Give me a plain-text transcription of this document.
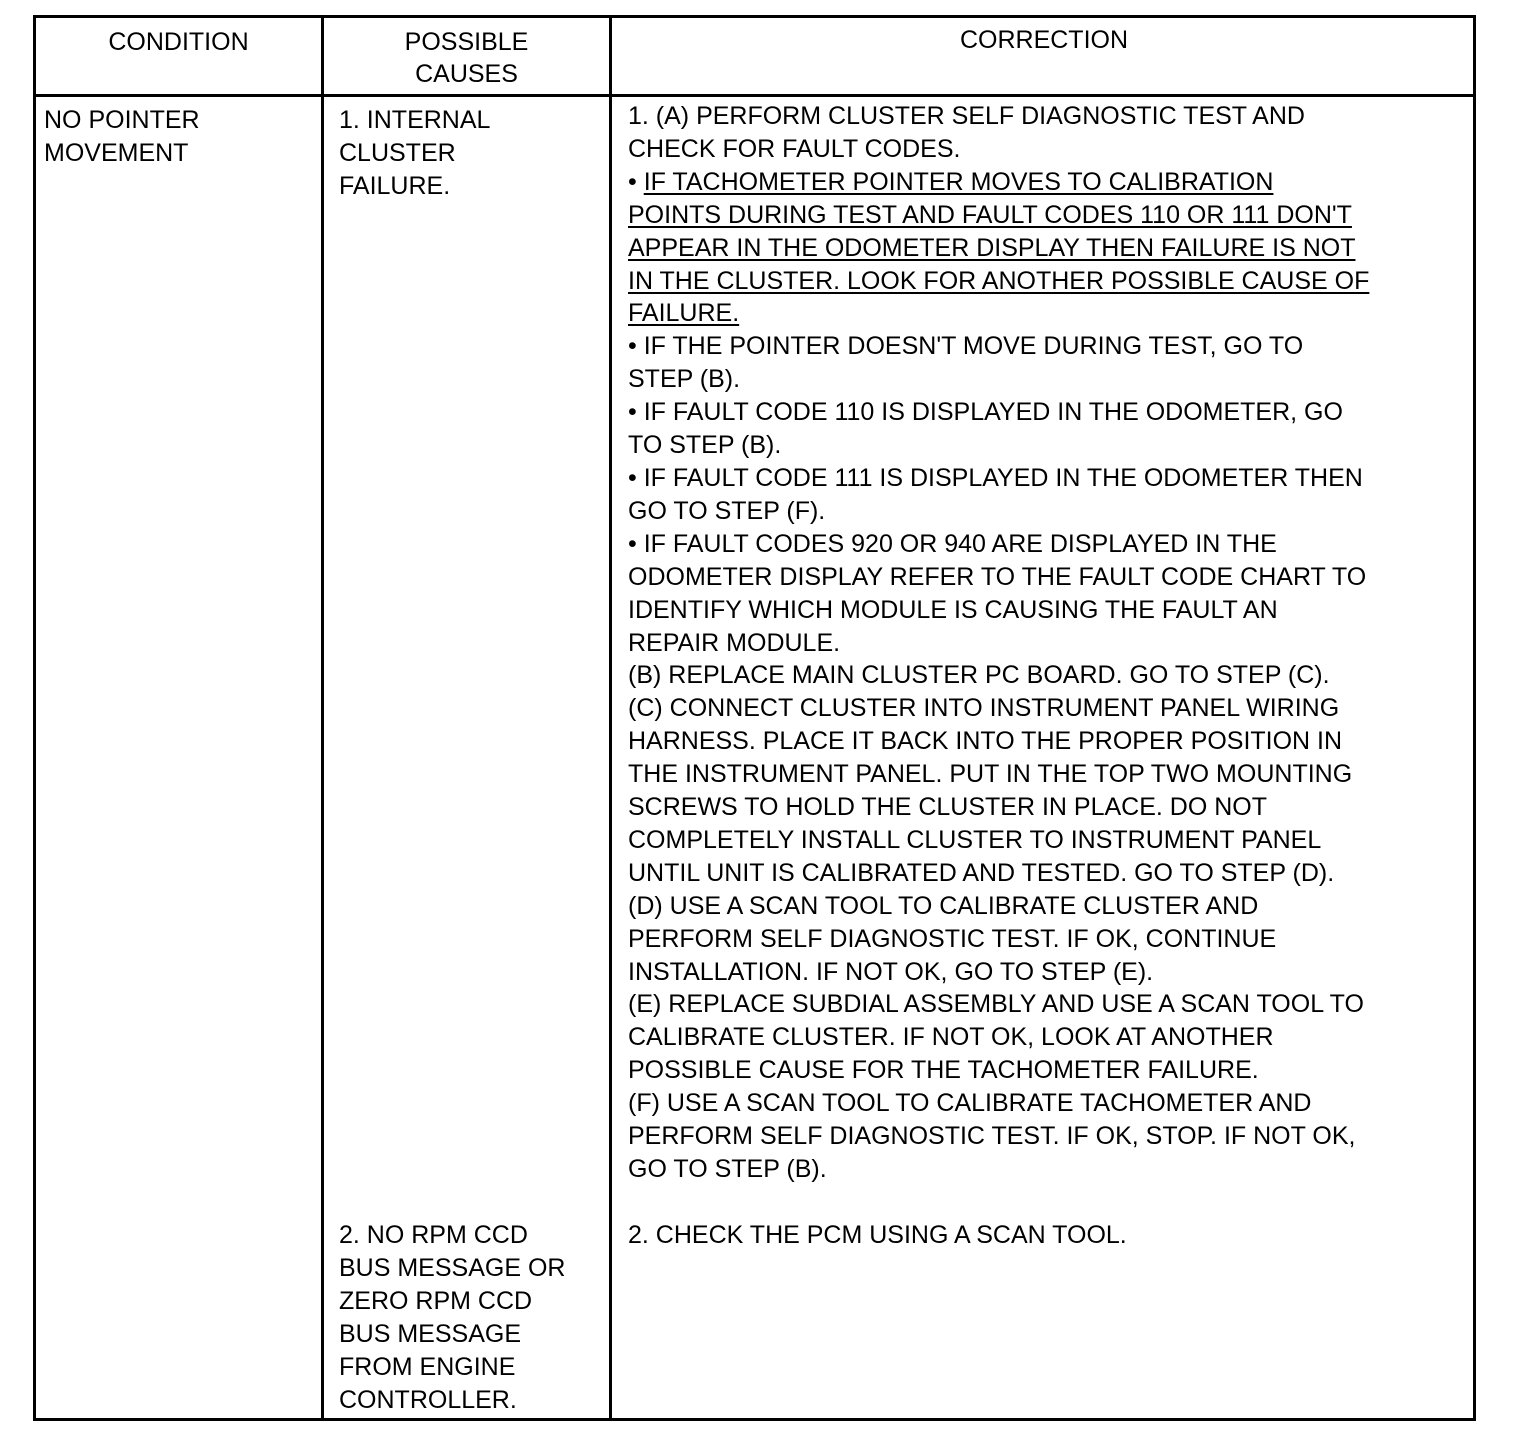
CONDITION	POSSIBLE
CAUSES
CORRECTION
NO POINTER
MOVEMENT
1. INTERNAL
CLUSTER
FAILURE.
2. NO RPM CCD
BUS MESSAGE OR
ZERO RPM CCD
BUS MESSAGE
FROM ENGINE
CONTROLLER.
1. (A) PERFORM CLUSTER SELF DIAGNOSTIC TEST AND
CHECK FOR FAULT CODES.
• IF TACHOMETER POINTER MOVES TO CALIBRATION
POINTS DURING TEST AND FAULT CODES 110 OR 111 DON'T
APPEAR IN THE ODOMETER DISPLAY THEN FAILURE IS NOT
IN THE CLUSTER. LOOK FOR ANOTHER POSSIBLE CAUSE OF
FAILURE.
• IF THE POINTER DOESN'T MOVE DURING TEST, GO TO
STEP (B).
• IF FAULT CODE 110 IS DISPLAYED IN THE ODOMETER, GO
TO STEP (B).
• IF FAULT CODE 111 IS DISPLAYED IN THE ODOMETER THEN
GO TO STEP (F).
• IF FAULT CODES 920 OR 940 ARE DISPLAYED IN THE
ODOMETER DISPLAY REFER TO THE FAULT CODE CHART TO
IDENTIFY WHICH MODULE IS CAUSING THE FAULT AN
REPAIR MODULE.
(B) REPLACE MAIN CLUSTER PC BOARD. GO TO STEP (C).
(C) CONNECT CLUSTER INTO INSTRUMENT PANEL WIRING
HARNESS. PLACE IT BACK INTO THE PROPER POSITION IN
THE INSTRUMENT PANEL. PUT IN THE TOP TWO MOUNTING
SCREWS TO HOLD THE CLUSTER IN PLACE. DO NOT
COMPLETELY INSTALL CLUSTER TO INSTRUMENT PANEL
UNTIL UNIT IS CALIBRATED AND TESTED. GO TO STEP (D).
(D) USE A SCAN TOOL TO CALIBRATE CLUSTER AND
PERFORM SELF DIAGNOSTIC TEST. IF OK, CONTINUE
INSTALLATION. IF NOT OK, GO TO STEP (E).
(E) REPLACE SUBDIAL ASSEMBLY AND USE A SCAN TOOL TO
CALIBRATE CLUSTER. IF NOT OK, LOOK AT ANOTHER
POSSIBLE CAUSE FOR THE TACHOMETER FAILURE.
(F) USE A SCAN TOOL TO CALIBRATE TACHOMETER AND
PERFORM SELF DIAGNOSTIC TEST. IF OK, STOP. IF NOT OK,
GO TO STEP (B).
2. CHECK THE PCM USING A SCAN TOOL.
